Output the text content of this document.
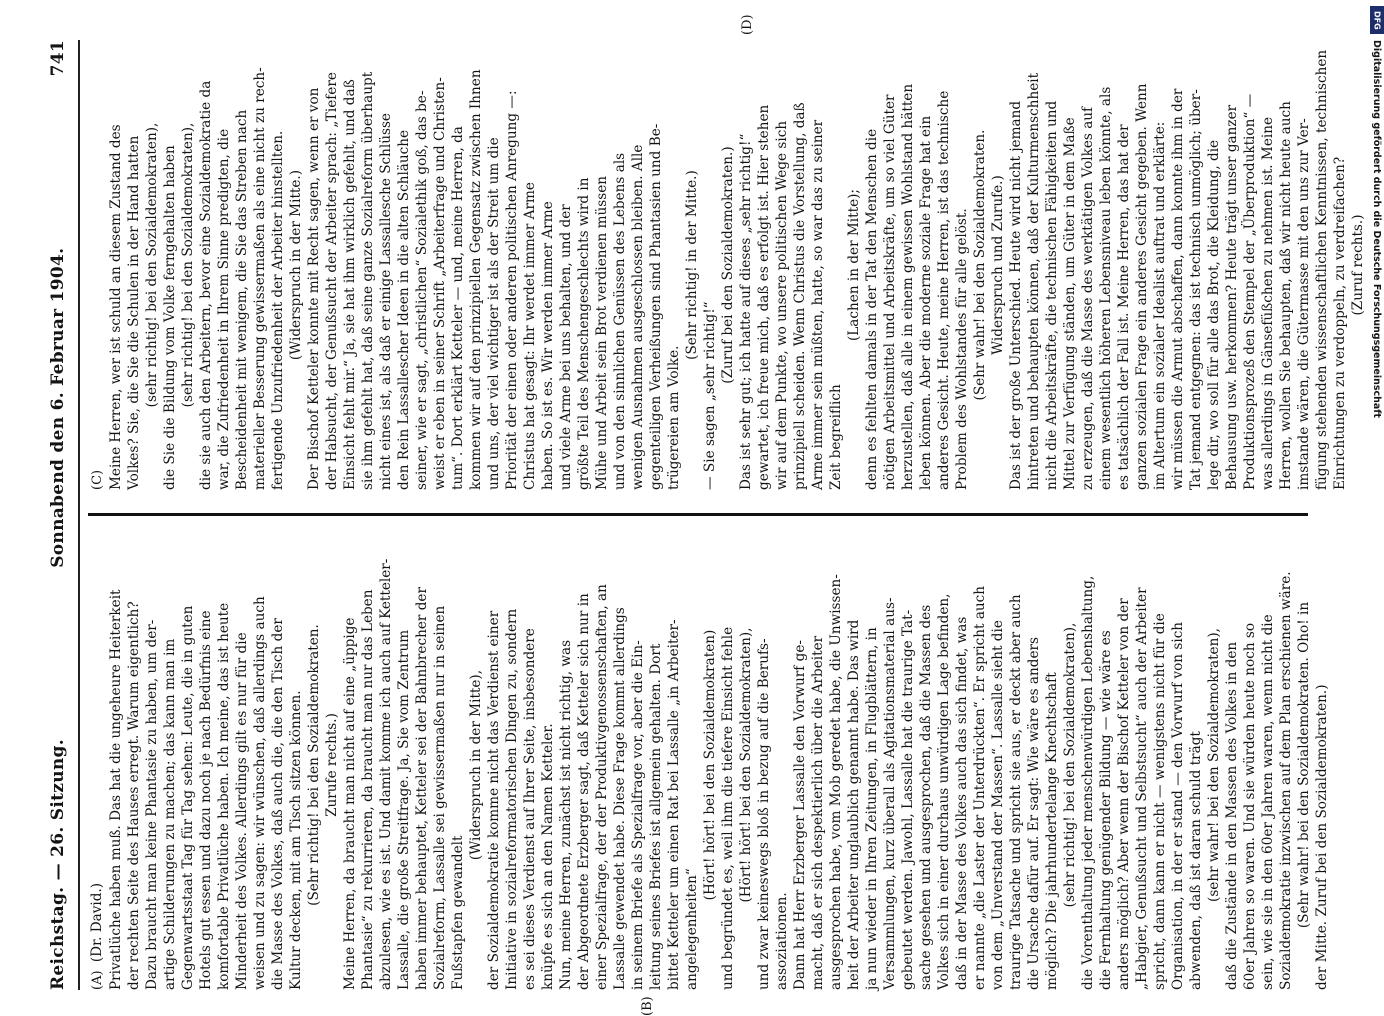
Reichstag. — 26. Sitzung.
Sonnabend den 6. Februar 1904.
741
(A) (Dr. David.) Privatlüche haben muß. Das hat die ungeheure Heiterkeit der rechten Seite des Hauses erregt. Warum eigentlich? Dazu braucht man keine Phantasie zu haben, um der- artige Schilderungen zu machen; das kann man im Gegenwartsstaat Tag für Tag sehen: Leute, die in guten Hotels gut essen und dazu noch je nach Bedürfnis eine komfortable Privatlüche haben. Ich meine, das ist heute Minderheit des Volkes. Allerdings gilt es nur für die weisen und zu sagen: wir wünschen, daß allerdings auch die Masse des Volkes, daß auch die, die den Tisch der Kultur decken, mit am Tisch sitzen können. (Sehr richtig! bei den Sozialdemokraten. Zurufe rechts.) Meine Herren, da braucht man nicht auf eine „üppige Phantasie“ zu rekurrieren, da braucht man nur das Leben abzulesen, wie es ist. Und damit komme ich auch auf Ketteler- Lassalle, die große Streitfrage. Ja, Sie vom Zentrum haben immer behauptet, Ketteler sei der Bahnbrecher der Sozialreform, Lassalle sei gewissermaßen nur in seinen Fußstapfen gewandelt
(Widerspruch in der Mitte), der Sozialdemokratie komme nicht das Verdienst einer Initiative in sozialreformatorischen Dingen zu, sondern es sei dieses Verdienst auf Ihrer Seite, insbesondere knüpfe es sich an den Namen Ketteler. Nun, meine Herren, zunächst ist nicht richtig, was der Abgeordnete Erzberger sagt, daß Ketteler sich nur in einer Spezialfrage, der der Produktivgenossenschaften, an Lassalle gewendet habe. Diese Frage kommt allerdings in seinem Briefe als Spezialfrage vor, aber die Ein- leitung seines Briefes ist allgemein gehalten. Dort bittet Ketteler um einen Rat bei Lassalle „in Arbeiter- angelegenheiten“
(Hört! hört! bei den Sozialdemokraten) und begründet es, weil ihm die tiefere Einsicht fehle (Hört! hört! bei den Sozialdemokraten), und zwar keineswegs bloß in bezug auf die Berufs- assoziationen. Dann hat Herr Erzberger Lassalle den Vorwurf ge- macht, daß er sich despektierlich über die Arbeiter ausgesprochen habe, vom Mob geredet habe, die Unwissen- heit der Arbeiter unglaublich genannt habe. Das wird ja nun wieder in Ihren Zeitungen, in Flugblättern, in Versammlungen, kurz überall als Agitationsmaterial aus- gebeutet werden. Jawohl, Lassalle hat die traurige Tat- sache gesehen und ausgesprochen, daß die Massen des Volkes sich in einer durchaus unwürdigen Lage befinden, daß in der Masse des Volkes auch das sich findet, was er nannte „die Laster der Unterdrückten“. Er spricht auch von dem „Unverstand der Massen“. Lassalle sieht die traurige Tatsache und spricht sie aus, er deckt aber auch die Ursache dafür auf. Er sagt: Wie wäre es anders möglich? Die jahrhundertelange Knechtschaft (sehr richtig! bei den Sozialdemokraten), die Vorenthaltung jeder menschenwürdigen Lebenshaltung, die Fernhaltung genügender Bildung — wie wäre es anders möglich? Aber wenn der Bischof Ketteler von der „Habgier, Genußsucht und Selbstsucht“ auch der Arbeiter spricht, dann kann er nicht — wenigstens nicht für die Organisation, in der er stand — den Vorwurf von sich abwenden, daß ist daran schuld trägt (sehr wahr! bei den Sozialdemokraten), daß die Zustände in den Massen des Volkes in den 60er Jahren so waren. Und sie würden heute noch so sein, wie sie in den 60er Jahren waren, wenn nicht die Sozialdemokratie inzwischen auf dem Plan erschienen wäre. (Sehr wahr! bei den Sozialdemokraten. Oho! in der Mitte. Zuruf bei den Sozialdemokraten.)
(C) Meine Herren, wer ist schuld an diesem Zustand des Volkes? Sie, die Sie die Schulen in der Hand hatten (sehr richtig! bei den Sozialdemokraten), die Sie die Bildung vom Volke ferngehalten haben (sehr richtig! bei den Sozialdemokraten), die sie auch den Arbeitern, bevor eine Sozialdemokratie da war, die Zufriedenheit in Ihrem Sinne predigten, die Bescheidenheit mit wenigem, die Sie das Streben nach materieller Besserung gewissermaßen als eine nicht zu rech- fertigende Unzufriedenheit der Arbeiter hinstellten. (Widerspruch in der Mitte.) Der Bischof Ketteler konnte mit Recht sagen, wenn er von der Habsucht, der Genußsucht der Arbeiter sprach: „Tiefere Einsicht fehlt mir.“ Ja, sie hat ihm wirklich gefehlt, und daß sie ihm gefehlt hat, daß seine ganze Sozialreform überhaupt nicht eines ist, als daß er einige Lassallesche Schlüsse den Rein Lassallescher Ideen in die alten Schläuche seiner, wie er sagt, „christlichen“ Sozialethik goß, das be- weist er eben in seiner Schrift „Arbeiterfrage und Christen- tum“. Dort erklärt Ketteler — und, meine Herren, da kommen wir auf den prinzipiellen Gegensatz zwischen Ihnen und uns, der viel wichtiger ist als der Streit um die Priorität der einen oder anderen politischen Anregung —: Christus hat gesagt: Ihr werdet immer Arme haben. So ist es. Wir werden immer Arme und viele Arme bei uns behalten, und der größte Teil des Menschengeschlechts wird in Mühe und Arbeit sein Brot verdienen müssen und von den sinnlichen Genüssen des Lebens als wenigen Ausnahmen ausgeschlossen bleiben. Alle gegenteiligen Verheißungen sind Phantasien und Be- trügereien am Volke.
(Sehr richtig! in der Mitte.)
— Sie sagen „sehr richtig!“
(Zuruf bei den Sozialdemokraten.) Das ist sehr gut; ich hatte auf dieses „sehr richtig!“ gewartet, ich freue mich, daß es erfolgt ist. Hier stehen wir auf dem Punkte, wo unsere politischen Wege sich prinzipiell scheiden. Wenn Christus die Vorstellung, daß Arme immer sein müßten, hatte, so war das zu seiner Zeit begreiflich
(Lachen in der Mitte); denn es fehlten damals in der Tat den Menschen die nötigen Arbeitsmittel und Arbeitskräfte, um so viel Güter herzustellen, daß alle in einem gewissen Wohlstand hätten leben können. Aber die moderne soziale Frage hat ein anderes Gesicht. Heute, meine Herren, ist das technische Problem des Wohlstandes für alle gelöst. (Sehr wahr! bei den Sozialdemokraten. Widerspruch und Zurufe.) Das ist der große Unterschied. Heute wird nicht jemand hintreten und behaupten können, daß der Kulturmenschheit nicht die Arbeitskräfte, die technischen Fähigkeiten und Mittel zur Verfügung ständen, um Güter in dem Maße zu erzeugen, daß die Masse des werktätigen Volkes auf einem wesentlich höheren Lebensniveau leben könnte, als es tatsächlich der Fall ist. Meine Herren, das hat der ganzen sozialen Frage ein anderes Gesicht gegeben. Wenn im Altertum ein sozialer Idealist auftrat und erklärte: wir müssen die Armut abschaffen, dann konnte ihm in der Tat jemand entgegnen: das ist technisch unmöglich; über- lege dir, wo soll für alle das Brot, die Kleidung, die Behausung usw. herkommen? Heute trägt unser ganzer Produktionsprozeß den Stempel der „Überproduktion“ — was allerdings in Gänsefüßchen zu nehmen ist. Meine Herren, wollen Sie behaupten, daß wir nicht heute auch imstande wären, die Gütermasse mit den uns zur Ver- fügung stehenden wissenschaftlichen Kenntnissen, technischen Einrichtungen zu verdoppeln, zu verdreifachen? (Zuruf rechts.)
(B)
(D)	DFG
Digitalisierung gefördert durch die Deutsche Forschungsgemeinschaft
